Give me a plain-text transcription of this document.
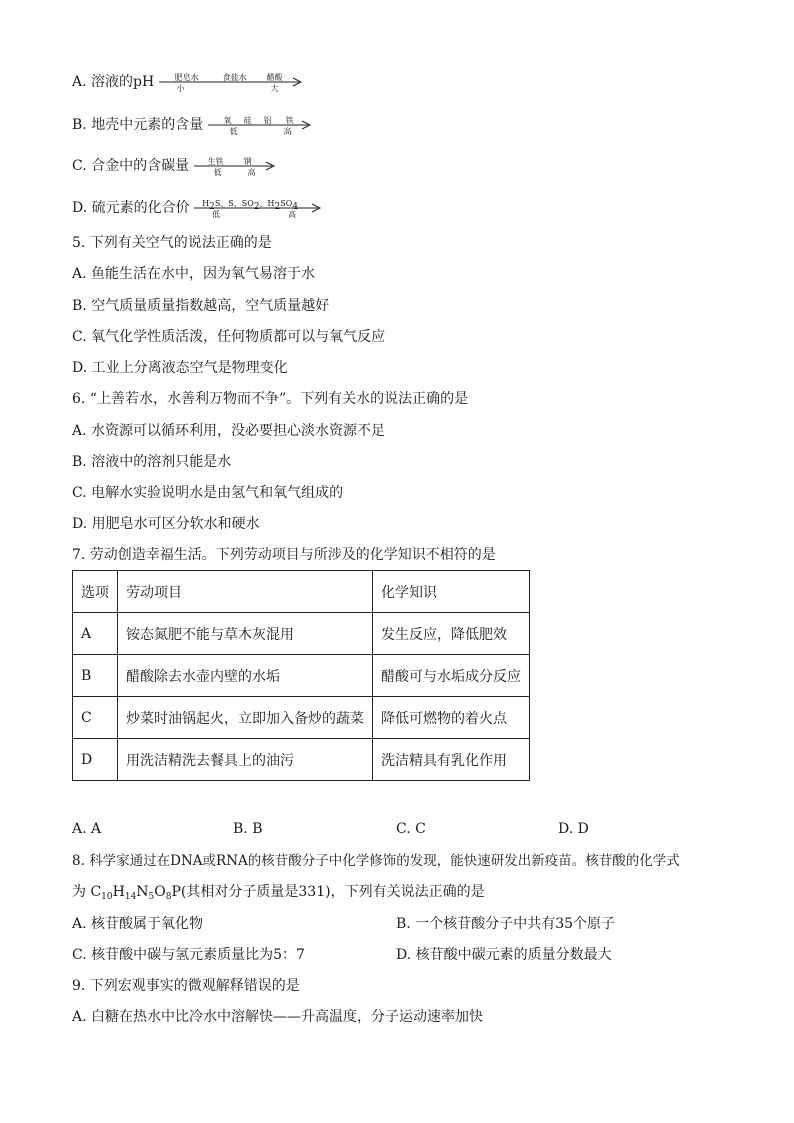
A. 溶液的pH	肥皂水	食盐水	醋酸
小	大
B. 地壳中元素的含量	氧 硅 铝 铁
低	高
C. 合金中的含碳量 生铁	钢
低	高
D. 硫元素的化合价 $H_2S$、S、$SO_2$、$H_2SO_4$
低	高
5. 下列有关空气的说法正确的是
A. 鱼能生活在水中，因为氧气易溶于水
B. 空气质量质量指数越高，空气质量越好
C. 氧气化学性质活泼，任何物质都可以与氧气反应
D. 工业上分离液态空气是物理变化
6. “上善若水，水善利万物而不争”。下列有关水的说法正确的是
A. 水资源可以循环利用，没必要担心淡水资源不足
B. 溶液中的溶剂只能是水
C. 电解水实验说明水是由氢气和氧气组成的
D. 用肥皂水可区分软水和硬水
7. 劳动创造幸福生活。下列劳动项目与所涉及的化学知识不相符的是
选项	劳动项目	化学知识
A	铵态氮肥不能与草木灰混用	发生反应，降低肥效
B	醋酸除去水壶内壁的水垢	醋酸可与水垢成分反应
C	炒菜时油锅起火，立即加入备炒的蔬菜	降低可燃物的着火点
D	用洗洁精洗去餐具上的油污	洗洁精具有乳化作用
A. A	B. B	C. C	D. D
8. 科学家通过在DNA或RNA的核苷酸分子中化学修饰的发现，能快速研发出新疫苗。核苷酸的化学式
为 $C_{10}H_{14}N_5O_8P$(其相对分子质量是331)，下列有关说法正确的是
A. 核苷酸属于氧化物	B. 一个核苷酸分子中共有35个原子
C. 核苷酸中碳与氢元素质量比为5：7	D. 核苷酸中碳元素的质量分数最大
9. 下列宏观事实的微观解释错误的是
A. 白糖在热水中比冷水中溶解快——升高温度，分子运动速率加快
